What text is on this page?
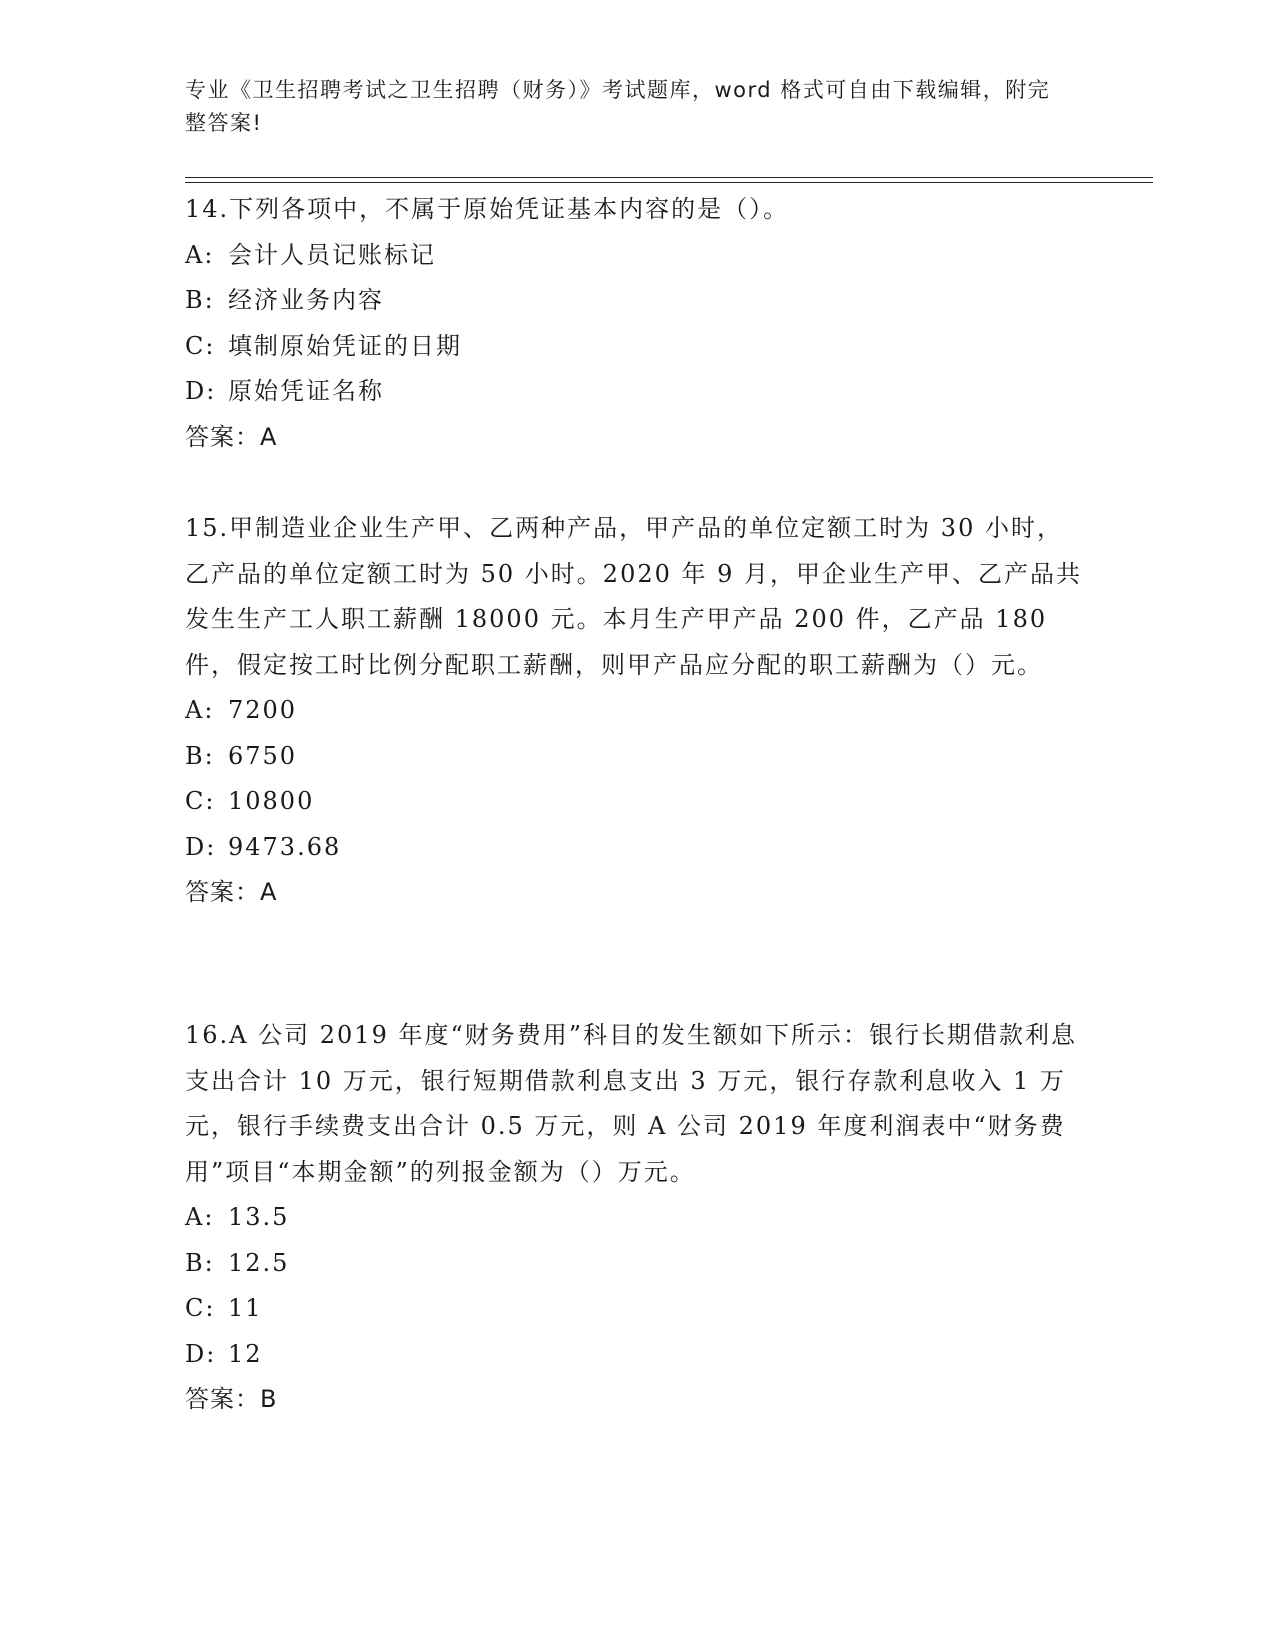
专业《卫生招聘考试之卫生招聘（财务）》考试题库，word 格式可自由下载编辑，附完整答案!

14.下列各项中，不属于原始凭证基本内容的是（）。

A: 会计人员记账标记
B: 经济业务内容
C: 填制原始凭证的日期
D: 原始凭证名称
答案：A

15.甲制造业企业生产甲、乙两种产品，甲产品的单位定额工时为 30 小时，乙产品的单位定额工时为 50 小时。2020 年 9 月，甲企业生产甲、乙产品共发生生产工人职工薪酬 18000 元。本月生产甲产品 200 件，乙产品 180 件，假定按工时比例分配职工薪酬，则甲产品应分配的职工薪酬为（）元。

A: 7200
B: 6750
C: 10800
D: 9473.68
答案：A

16.A 公司 2019 年度“财务费用”科目的发生额如下所示：银行长期借款利息支出合计 10 万元，银行短期借款利息支出 3 万元，银行存款利息收入 1 万元，银行手续费支出合计 0.5 万元，则 A 公司 2019 年度利润表中“财务费用”项目“本期金额”的列报金额为（）万元。

A: 13.5
B: 12.5
C: 11
D: 12
答案：B
